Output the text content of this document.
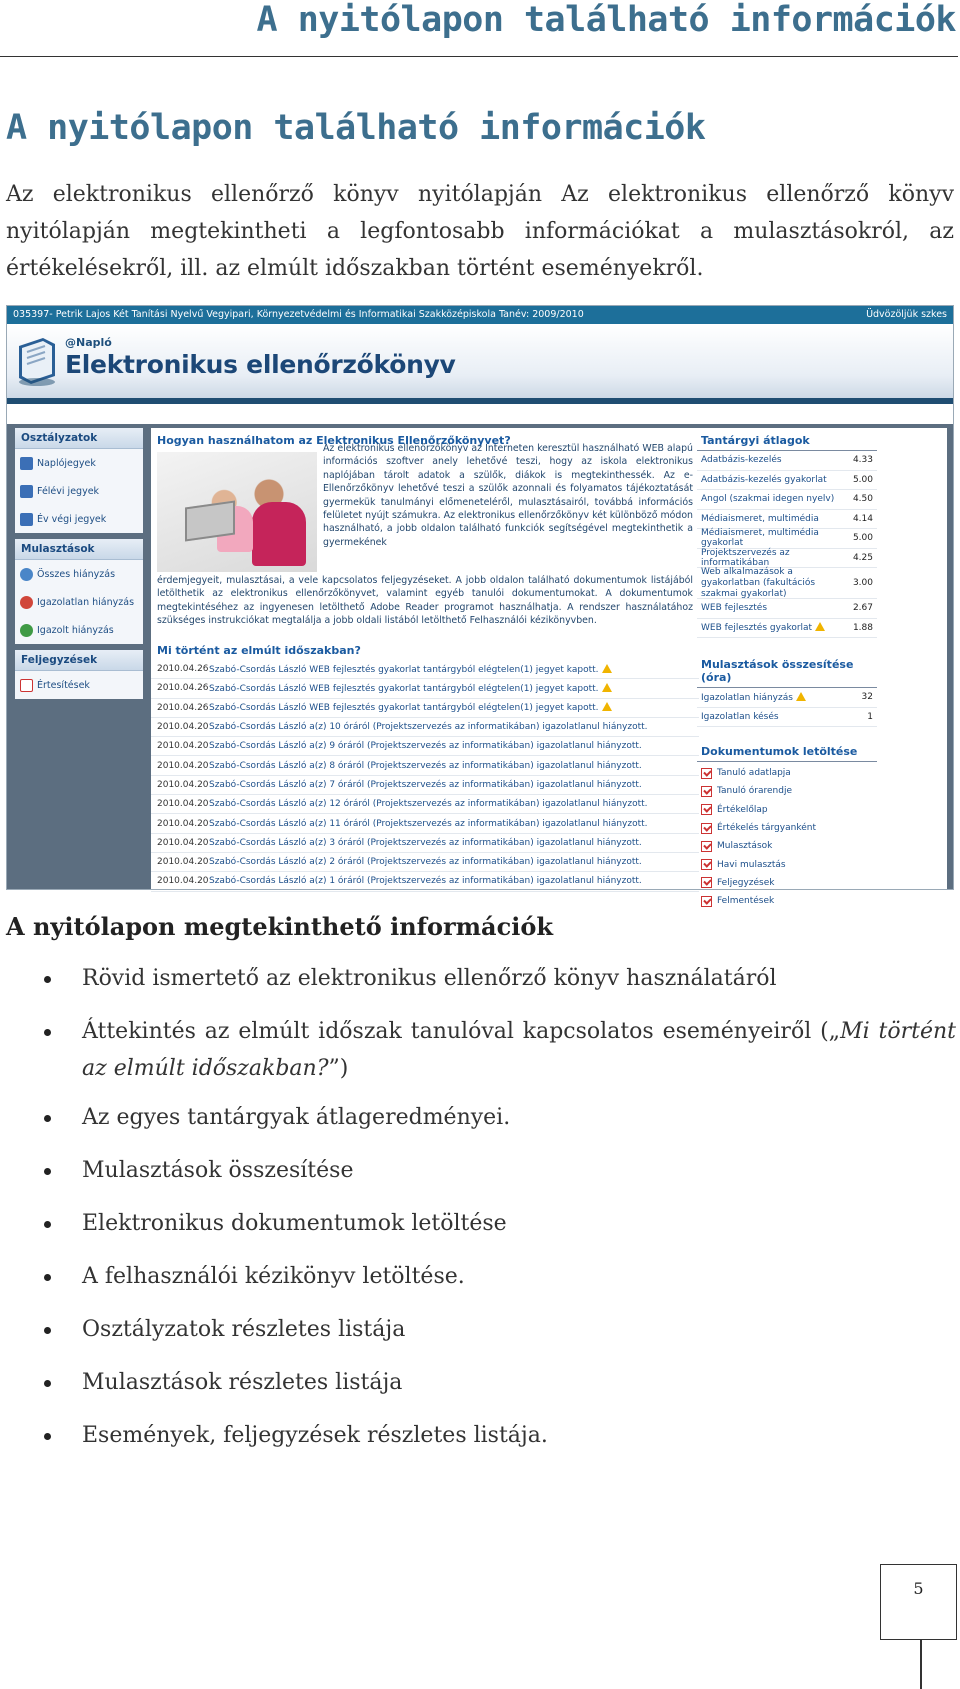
A nyitólapon található információk
A nyitólapon található információk

Az elektronikus ellenőrző könyv nyitólapján Az elektronikus ellenőrző könyv nyitólapján megtekintheti a legfontosabb információkat a mulasztásokról, az értékelésekről, ill. az elmúlt időszakban történt eseményekről.

035397- Petrik Lajos Két Tanítási Nyelvű Vegyipari, Környezetvédelmi és Informatikai Szakközépiskola Tanév: 2009/2010	Üdvözöljük szkes
@Napló
Elektronikus ellenőrzőkönyv
Osztályzatok
Naplójegyek
Félévi jegyek
Év végi jegyek
Mulasztások
Összes hiányzás
Igazolatlan hiányzás
Igazolt hiányzás
Feljegyzések
Értesítések
Hogyan használhatom az Elektronikus Ellenőrzőkönyvet?
Az elektronikus ellenőrzőkönyv az Interneten keresztül használható WEB alapú információs szoftver anely lehetővé teszi, hogy az iskola elektronikus naplójában tárolt adatok a szülők, diákok is megtekinthessék. Az e-Ellenőrzőkönyv lehetővé teszi a szülők azonnali és folyamatos tájékoztatását gyermekük tanulmányi előmeneteléről, mulasztásairól, továbbá információs felületet nyújt számukra. Az elektronikus ellenőrzőkönyv két különböző módon használható, a jobb oldalon található funkciók segítségével megtekinthetik a gyermekének
érdemjegyeit, mulasztásai, a vele kapcsolatos feljegyzéseket. A jobb oldalon található dokumentumok listájából letölthetik az elektronikus ellenőrzőkönyvet, valamint egyéb tanulói dokumentumokat. A dokumentumok megtekintéséhez az ingyenesen letölthető Adobe Reader programot használhatja. A rendszer használatához szükséges instrukciókat megtalálja a jobb oldali listából letölthető Felhasználói kézikönyvben.
Mi történt az elmúlt időszakban?
2010.04.26 Szabó-Csordás László WEB fejlesztés gyakorlat tantárgyból elégtelen(1) jegyet kapott.
2010.04.26 Szabó-Csordás László WEB fejlesztés gyakorlat tantárgyból elégtelen(1) jegyet kapott.
2010.04.26 Szabó-Csordás László WEB fejlesztés gyakorlat tantárgyból elégtelen(1) jegyet kapott.
2010.04.20 Szabó-Csordás László a(z) 10 óráról (Projektszervezés az informatikában) igazolatlanul hiányzott.
2010.04.20 Szabó-Csordás László a(z) 9 óráról (Projektszervezés az informatikában) igazolatlanul hiányzott.
2010.04.20 Szabó-Csordás László a(z) 8 óráról (Projektszervezés az informatikában) igazolatlanul hiányzott.
2010.04.20 Szabó-Csordás László a(z) 7 óráról (Projektszervezés az informatikában) igazolatlanul hiányzott.
2010.04.20 Szabó-Csordás László a(z) 12 óráról (Projektszervezés az informatikában) igazolatlanul hiányzott.
2010.04.20 Szabó-Csordás László a(z) 11 óráról (Projektszervezés az informatikában) igazolatlanul hiányzott.
2010.04.20 Szabó-Csordás László a(z) 3 óráról (Projektszervezés az informatikában) igazolatlanul hiányzott.
2010.04.20 Szabó-Csordás László a(z) 2 óráról (Projektszervezés az informatikában) igazolatlanul hiányzott.
2010.04.20 Szabó-Csordás László a(z) 1 óráról (Projektszervezés az informatikában) igazolatlanul hiányzott.
Tantárgyi átlagok
Adatbázis-kezelés	4.33
Adatbázis-kezelés gyakorlat	5.00
Angol (szakmai idegen nyelv) 4.50
Médiaismeret, multimédia	4.14
Médiaismeret, multimédia gyakorlat	5.00
Projektszervezés az informatikában	4.25
Web alkalmazások a gyakorlatban (fakultációs szakmai gyakorlat)
3.00
WEB fejlesztés	2.67
WEB fejlesztés gyakorlat	1.88
Mulasztások összesítése (óra)
Igazolatlan hiányzás	32
Igazolatlan késés	1
Dokumentumok letöltése
Tanuló adatlapja
Tanuló órarendje
Értékelőlap
Értékelés tárgyanként
Mulasztások
Havi mulasztás
Feljegyzések
Felmentések
A nyitólapon megtekinthető információk
Rövid ismertető az elektronikus ellenőrző könyv használatáról
Áttekintés az elmúlt időszak tanulóval kapcsolatos eseményeiről („Mi történt az elmúlt időszakban?”)
Az egyes tantárgyak átlageredményei.
Mulasztások összesítése
Elektronikus dokumentumok letöltése
A felhasználói kézikönyv letöltése.
Osztályzatok részletes listája
Mulasztások részletes listája
Események, feljegyzések részletes listája.
5
